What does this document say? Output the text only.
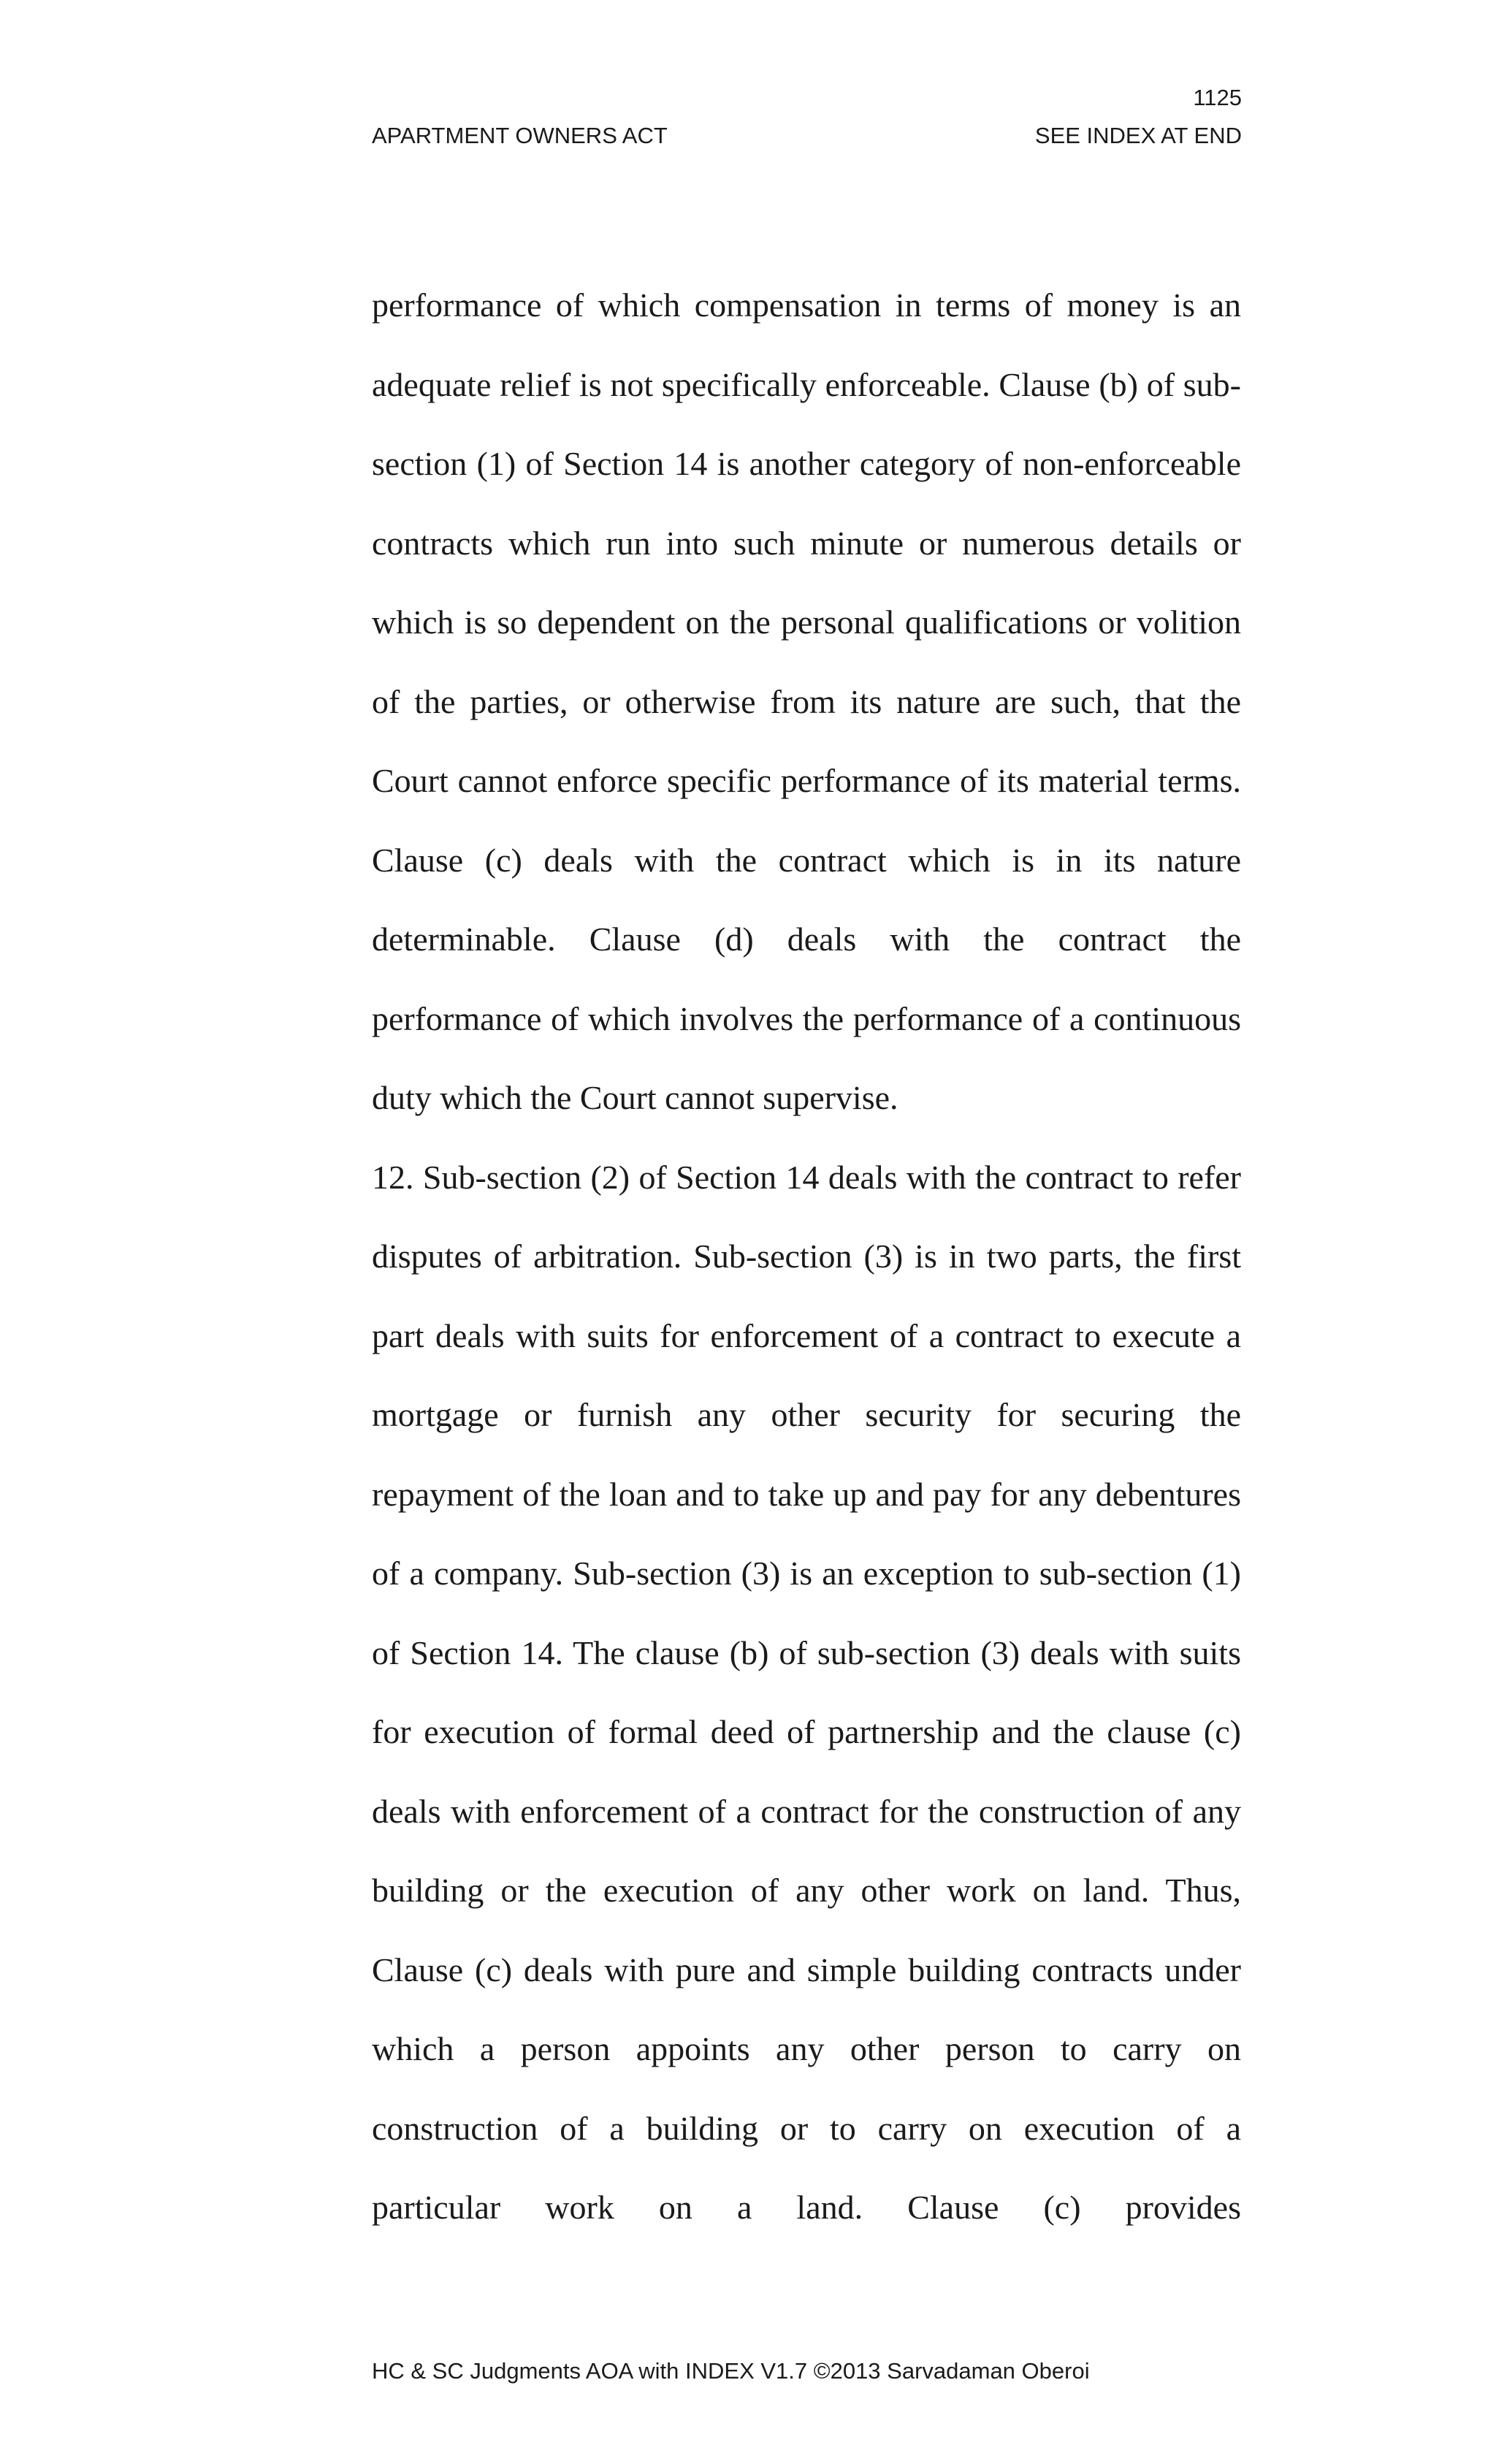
1125
APARTMENT OWNERS ACT	SEE INDEX AT END

performance of which compensation in terms of money is an adequate relief is not specifically enforceable. Clause (b) of sub-section (1) of Section 14 is another category of non-enforceable contracts which run into such minute or numerous details or which is so dependent on the personal qualifications or volition of the parties, or otherwise from its nature are such, that the Court cannot enforce specific performance of its material terms. Clause (c) deals with the contract which is in its nature determinable. Clause (d) deals with the contract the performance of which involves the performance of a continuous duty which the Court cannot supervise.

12. Sub-section (2) of Section 14 deals with the contract to refer disputes of arbitration. Sub-section (3) is in two parts, the first part deals with suits for enforcement of a contract to execute a mortgage or furnish any other security for securing the repayment of the loan and to take up and pay for any debentures of a company. Sub-section (3) is an exception to sub-section (1) of Section 14. The clause (b) of sub-section (3) deals with suits for execution of formal deed of partnership and the clause (c) deals with enforcement of a contract for the construction of any building or the execution of any other work on land. Thus, Clause (c) deals with pure and simple building contracts under which a person appoints any other person to carry on construction of a building or to carry on execution of a particular work on a land. Clause (c) provides

HC & SC Judgments AOA with INDEX V1.7 ©2013 Sarvadaman Oberoi
